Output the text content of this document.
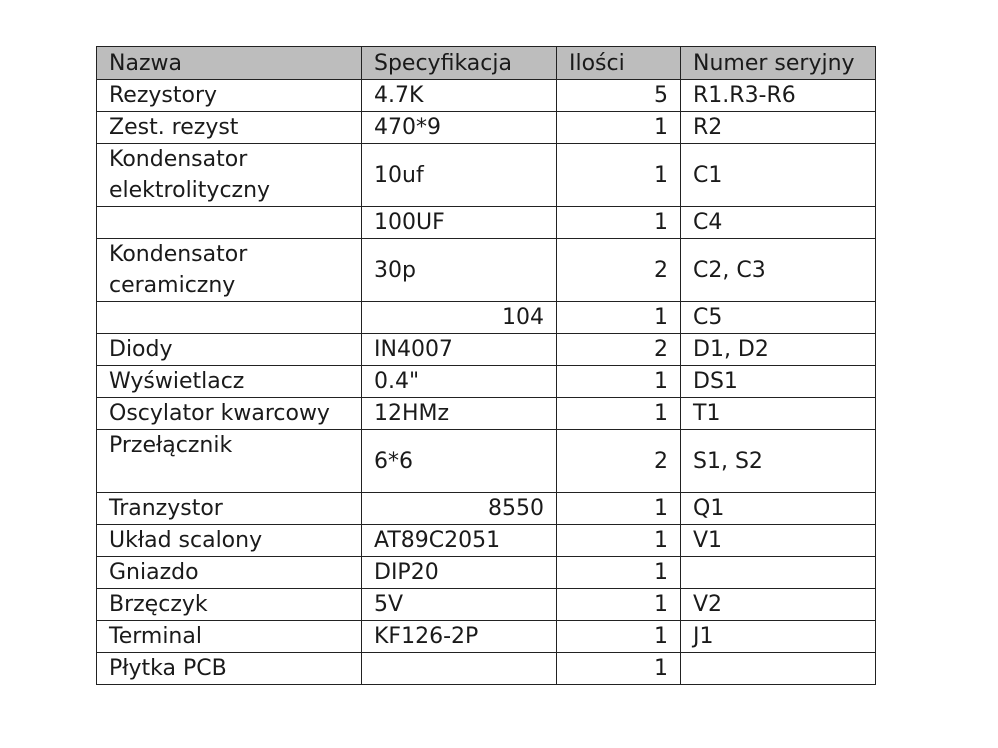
Nazwa	Specyfikacja	Ilości	Numer seryjny
Rezystory	4.7K	5	R1.R3-R6
Zest. rezyst	470*9	1	R2
Kondensator elektrolityczny	10uf	1	C1
	100UF	1	C4
Kondensator ceramiczny	30p	2	C2, C3
	104	1	C5
Diody	IN4007	2	D1, D2
Wyświetlacz	0.4"	1	DS1
Oscylator kwarcowy	12HMz	1	T1
Przełącznik	6*6	2	S1, S2
Tranzystor	8550	1	Q1
Układ scalony	AT89C2051	1	V1
Gniazdo	DIP20	1	
Brzęczyk	5V	1	V2
Terminal	KF126-2P	1	J1
Płytka PCB		1	
